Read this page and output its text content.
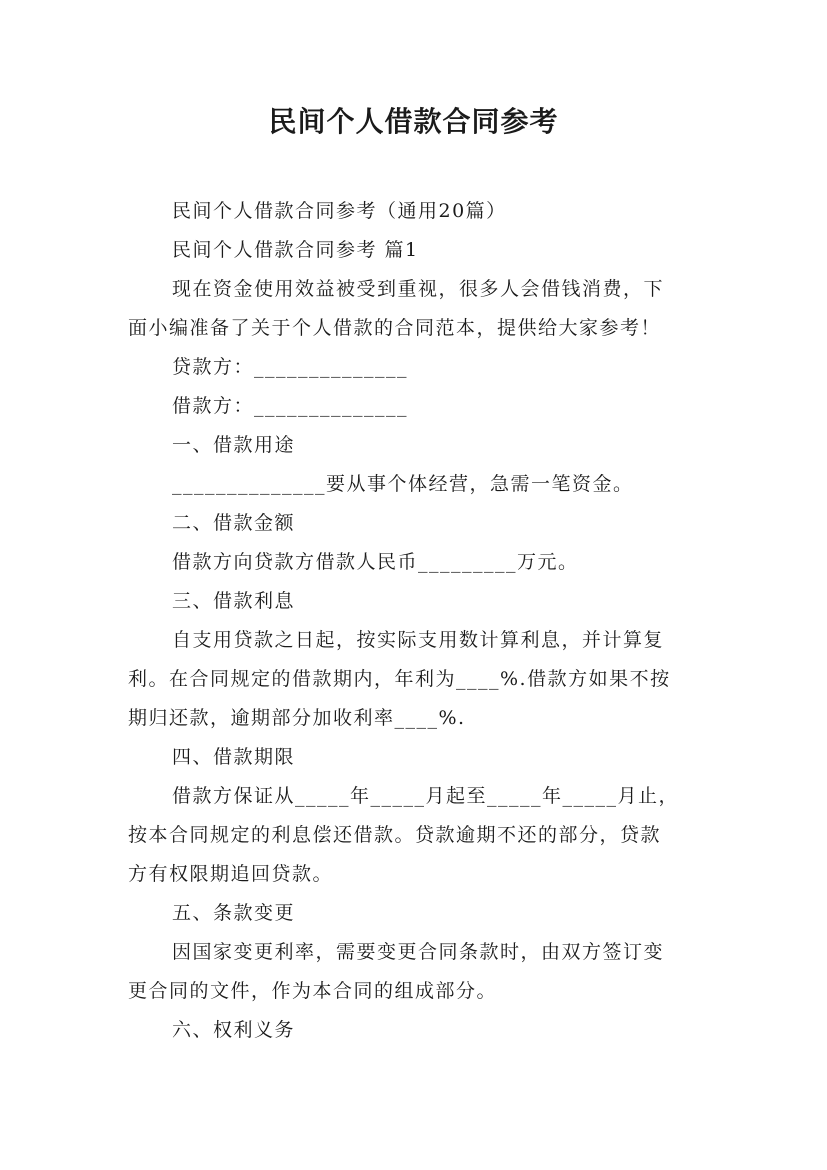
民间个人借款合同参考
民间个人借款合同参考（通用20篇）
民间个人借款合同参考 篇1
现在资金使用效益被受到重视，很多人会借钱消费，下
面小编准备了关于个人借款的合同范本，提供给大家参考！
贷款方：______________
借款方：______________
一、借款用途
______________要从事个体经营，急需一笔资金。
二、借款金额
借款方向贷款方借款人民币_________万元。
三、借款利息
自支用贷款之日起，按实际支用数计算利息，并计算复
利。在合同规定的借款期内，年利为____%.借款方如果不按
期归还款，逾期部分加收利率____%.
四、借款期限
借款方保证从_____年_____月起至_____年_____月止，
按本合同规定的利息偿还借款。贷款逾期不还的部分，贷款
方有权限期追回贷款。
五、条款变更
因国家变更利率，需要变更合同条款时，由双方签订变
更合同的文件，作为本合同的组成部分。
六、权利义务
